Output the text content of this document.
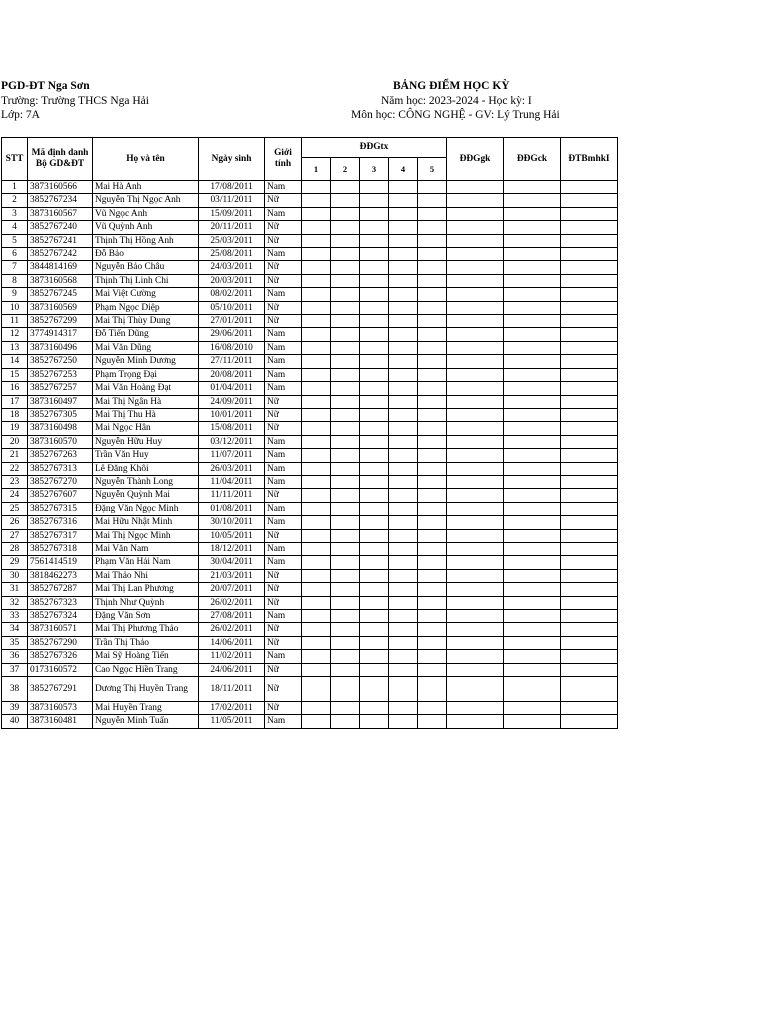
PGD-ĐT Nga Sơn
Trường: Trường THCS Nga Hải
Lớp: 7A
BẢNG ĐIỂM HỌC KỲ
Năm học: 2023-2024 - Học kỳ: I
Môn học: CÔNG NGHỆ - GV: Lý Trung Hải
STT	Mã định danh Bộ GD&ĐT	Họ và tên	Ngày sinh	Giới tính	ĐĐGtx					ĐĐGgk	ĐĐGck	ĐTBmhkI
					1	2	3	4	5			
1	3873160566	Mai Hà Anh	17/08/2011	Nam								
2	3852767234	Nguyễn Thị Ngọc Anh	03/11/2011	Nữ								
3	3873160567	Vũ Ngọc Anh	15/09/2011	Nam								
4	3852767240	Vũ Quỳnh Anh	20/11/2011	Nữ								
5	3852767241	Thịnh Thị Hồng Anh	25/03/2011	Nữ								
6	3852767242	Đỗ Bảo	25/08/2011	Nam								
7	3844814169	Nguyễn Bảo Châu	24/03/2011	Nữ								
8	3873160568	Thịnh Thị Linh Chi	20/03/2011	Nữ								
9	3852767245	Mai Việt Cường	08/02/2011	Nam								
10	3873160569	Phạm Ngọc Diệp	05/10/2011	Nữ								
11	3852767299	Mai Thị Thùy Dung	27/01/2011	Nữ								
12	3774914317	Đỗ Tiến Dũng	29/06/2011	Nam								
13	3873160496	Mai Văn Dũng	16/08/2010	Nam								
14	3852767250	Nguyễn Minh Dương	27/11/2011	Nam								
15	3852767253	Phạm Trọng Đại	20/08/2011	Nam								
16	3852767257	Mai Văn Hoàng Đạt	01/04/2011	Nam								
17	3873160497	Mai Thị Ngân Hà	24/09/2011	Nữ								
18	3852767305	Mai Thị Thu Hà	10/01/2011	Nữ								
19	3873160498	Mai Ngọc Hân	15/08/2011	Nữ								
20	3873160570	Nguyễn Hữu Huy	03/12/2011	Nam								
21	3852767263	Trần Văn Huy	11/07/2011	Nam								
22	3852767313	Lê Đăng Khôi	26/03/2011	Nam								
23	3852767270	Nguyễn Thành Long	11/04/2011	Nam								
24	3852767607	Nguyễn Quỳnh Mai	11/11/2011	Nữ								
25	3852767315	Đặng Văn Ngọc Minh	01/08/2011	Nam								
26	3852767316	Mai Hữu Nhật Minh	30/10/2011	Nam								
27	3852767317	Mai Thị Ngọc Minh	10/05/2011	Nữ								
28	3852767318	Mai Văn Nam	18/12/2011	Nam								
29	7561414519	Phạm Văn Hải Nam	30/04/2011	Nam								
30	3818462273	Mai Thảo Nhi	21/03/2011	Nữ								
31	3852767287	Mai Thị Lan Phương	20/07/2011	Nữ								
32	3852767323	Thịnh Như Quỳnh	26/02/2011	Nữ								
33	3852767324	Đặng Văn Sơn	27/08/2011	Nam								
34	3873160571	Mai Thị Phương Thảo	26/02/2011	Nữ								
35	3852767290	Trần Thị Thảo	14/06/2011	Nữ								
36	3852767326	Mai Sỹ Hoàng Tiến	11/02/2011	Nam								
37	0173160572	Cao Ngọc Hiền Trang	24/06/2011	Nữ								
38	3852767291	Dương Thị Huyền Trang	18/11/2011	Nữ								
39	3873160573	Mai Huyền Trang	17/02/2011	Nữ								
40	3873160481	Nguyễn Minh Tuấn	11/05/2011	Nam								
